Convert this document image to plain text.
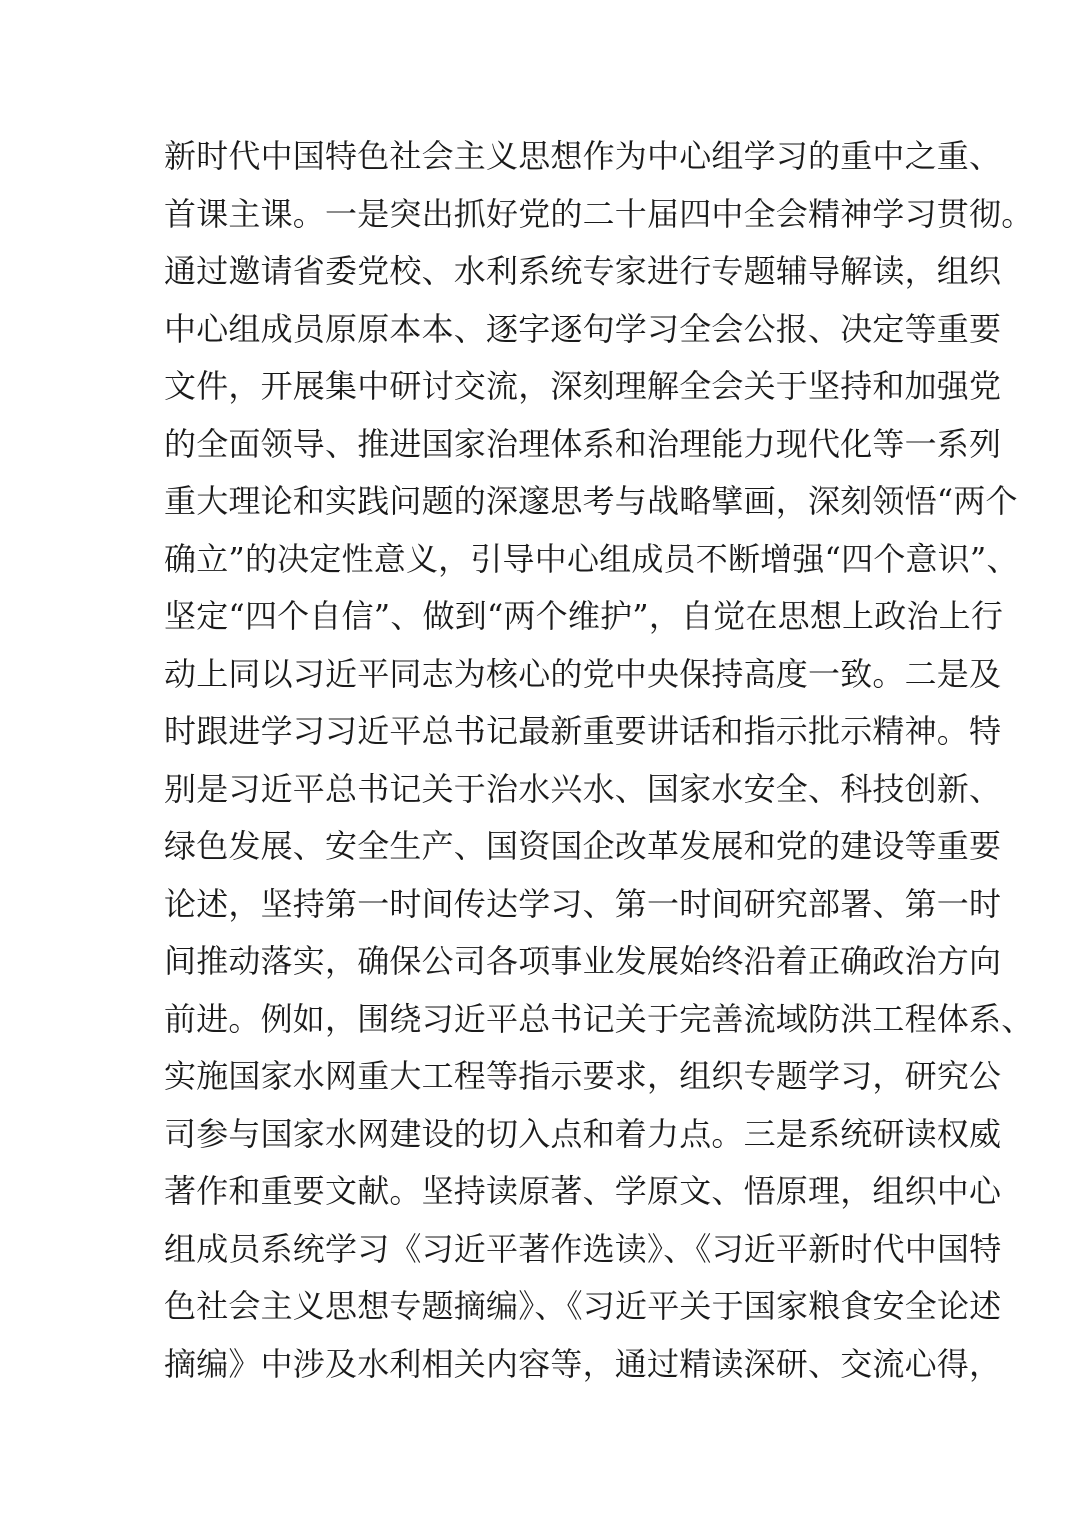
新时代中国特色社会主义思想作为中心组学习的重中之重、
首课主课。一是突出抓好党的二十届四中全会精神学习贯彻。
通过邀请省委党校、水利系统专家进行专题辅导解读，组织
中心组成员原原本本、逐字逐句学习全会公报、决定等重要
文件，开展集中研讨交流，深刻理解全会关于坚持和加强党
的全面领导、推进国家治理体系和治理能力现代化等一系列
重大理论和实践问题的深邃思考与战略擘画，深刻领悟“两个
确立”的决定性意义，引导中心组成员不断增强“四个意识”、
坚定“四个自信”、做到“两个维护”，自觉在思想上政治上行
动上同以习近平同志为核心的党中央保持高度一致。二是及
时跟进学习习近平总书记最新重要讲话和指示批示精神。特
别是习近平总书记关于治水兴水、国家水安全、科技创新、
绿色发展、安全生产、国资国企改革发展和党的建设等重要
论述，坚持第一时间传达学习、第一时间研究部署、第一时
间推动落实，确保公司各项事业发展始终沿着正确政治方向
前进。例如，围绕习近平总书记关于完善流域防洪工程体系、
实施国家水网重大工程等指示要求，组织专题学习，研究公
司参与国家水网建设的切入点和着力点。三是系统研读权威
著作和重要文献。坚持读原著、学原文、悟原理，组织中心
组成员系统学习《习近平著作选读》、《习近平新时代中国特
色社会主义思想专题摘编》、《习近平关于国家粮食安全论述
摘编》中涉及水利相关内容等，通过精读深研、交流心得，
